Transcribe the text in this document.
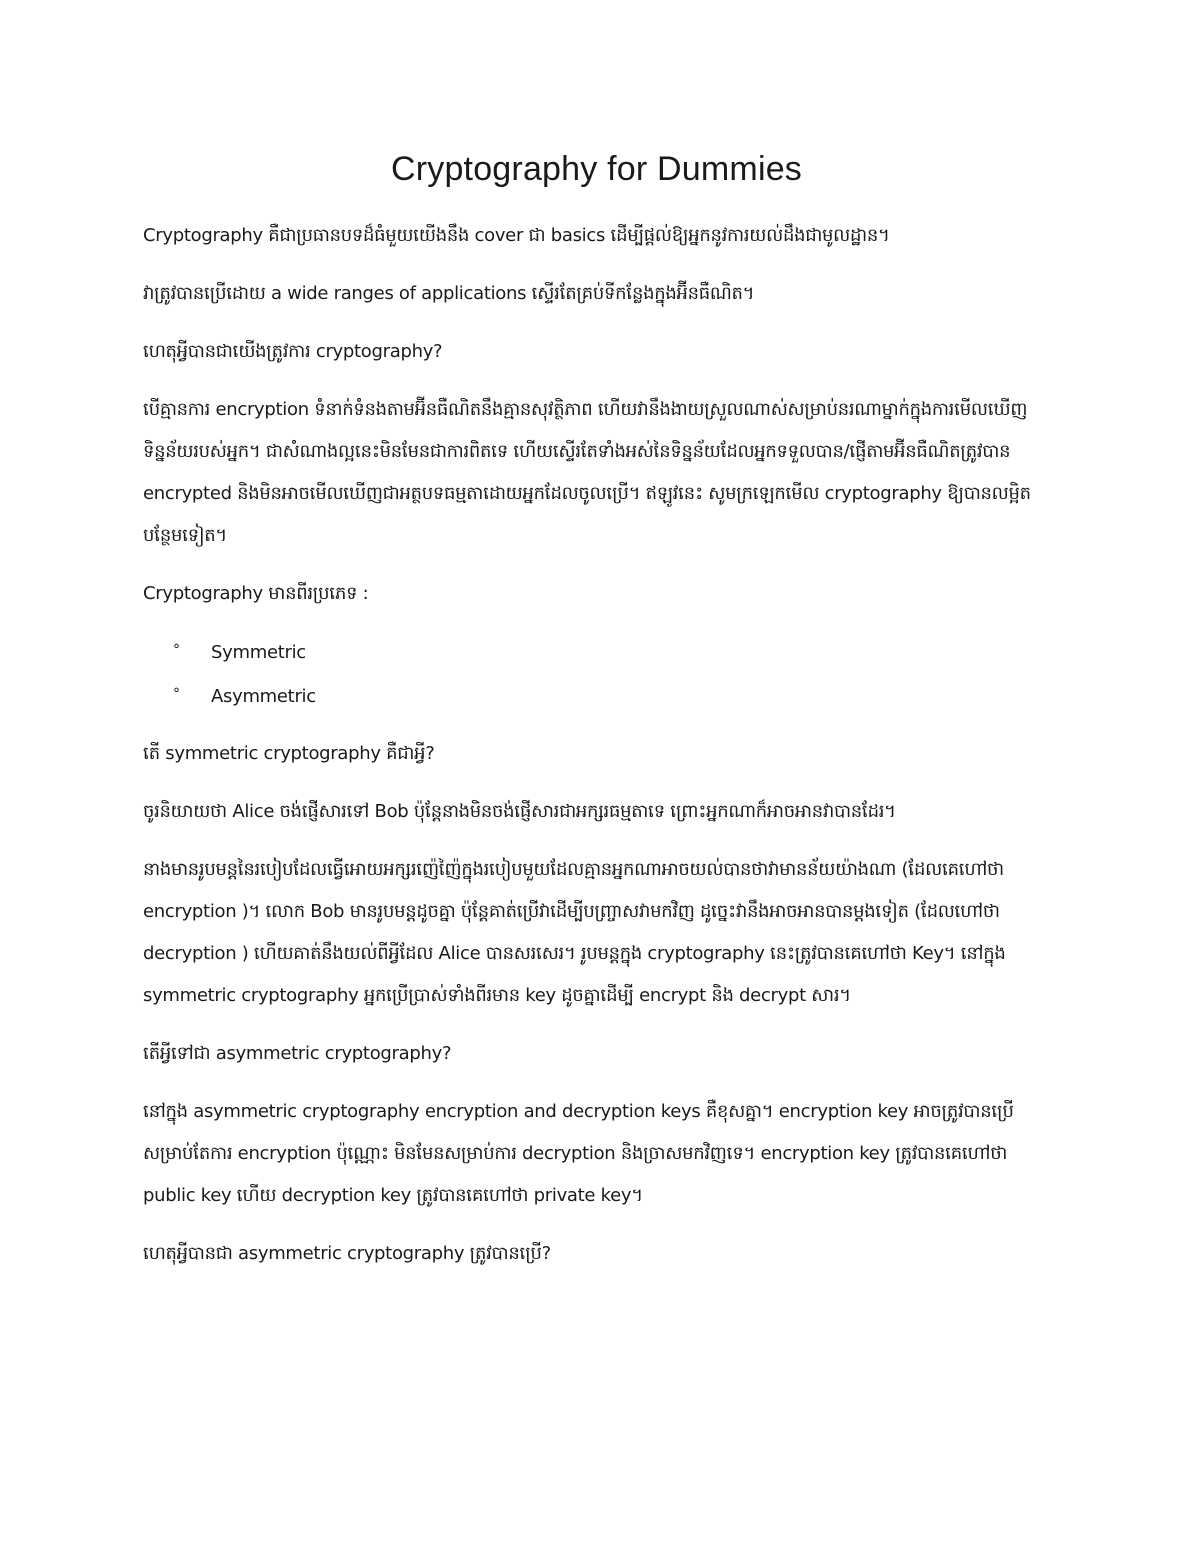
Cryptography for Dummies

Cryptography គឺជាប្រធានបទដ៏ធំមួយយើងនឹង cover ជា basics ដើម្បីផ្តល់ឱ្យអ្នកនូវការយល់ដឹងជាមូលដ្ឋាន។

វាត្រូវបានប្រើដោយ a wide ranges of applications ស្ទើរតែគ្រប់ទីកន្លែងក្នុងអ៊ីនធឺណិត។

ហេតុអ្វីបានជាយើងត្រូវការ cryptography?

បើគ្មានការ encryption ទំនាក់ទំនងតាមអ៊ីនធឺណិតនឹងគ្មានសុវត្ថិភាព ហើយវានឹងងាយស្រួលណាស់សម្រាប់នរណាម្នាក់ក្នុងការមើលឃើញទិន្នន័យរបស់អ្នក។ ជាសំណាងល្អនេះមិនមែនជាការពិតទេ ហើយស្ទើរតែទាំងអស់នៃទិន្នន័យដែលអ្នកទទួលបាន/ផ្ញើតាមអ៊ីនធឺណិតត្រូវបាន encrypted និងមិនអាចមើលឃើញជាអត្ថបទធម្មតាដោយអ្នកដែលចូលប្រើ។ ឥឡូវនេះ សូមក្រឡេកមើល cryptography ឱ្យបានលម្អិតបន្ថែមទៀត។

Cryptography មានពីរប្រភេទ :

° Symmetric
° Asymmetric

តើ symmetric cryptography គឺជាអ្វី?

ចូរនិយាយថា Alice ចង់ផ្ញើសារទៅ Bob ប៉ុន្តែនាងមិនចង់ផ្ញើសារជាអក្សរធម្មតាទេ ព្រោះអ្នកណាក៏អាចអានវាបានដែរ។

នាងមានរូបមន្តនៃរបៀបដែលធ្វើអោយអក្សរញ៉េញ៉ៃក្នុងរបៀបមួយដែលគ្មានអ្នកណាអាចយល់បានថាវាមានន័យយ៉ាងណា (ដែលគេហៅថា encryption )។ លោក Bob មានរូបមន្តដូចគ្នា ប៉ុន្តែគាត់ប្រើវាដើម្បីបញ្ច្រាសវាមកវិញ ដូច្នេះវានឹងអាចអានបានម្តងទៀត (ដែលហៅថា decryption ) ហើយគាត់នឹងយល់ពីអ្វីដែល Alice បានសរសេរ។ រូបមន្តក្នុង cryptography នេះត្រូវបានគេហៅថា Key។ នៅក្នុង symmetric cryptography អ្នកប្រើប្រាស់ទាំងពីរមាន key ដូចគ្នាដើម្បី encrypt និង decrypt សារ។

តើអ្វីទៅជា asymmetric cryptography?

នៅក្នុង asymmetric cryptography encryption and decryption keys គឺខុសគ្នា។ encryption key អាចត្រូវបានប្រើសម្រាប់តែការ encryption ប៉ុណ្ណោះ មិនមែនសម្រាប់ការ decryption និងច្រាសមកវិញទេ។ encryption key ត្រូវបានគេហៅថា public key ហើយ decryption key ត្រូវបានគេហៅថា private key។

ហេតុអ្វីបានជា asymmetric cryptography ត្រូវបានប្រើ?
